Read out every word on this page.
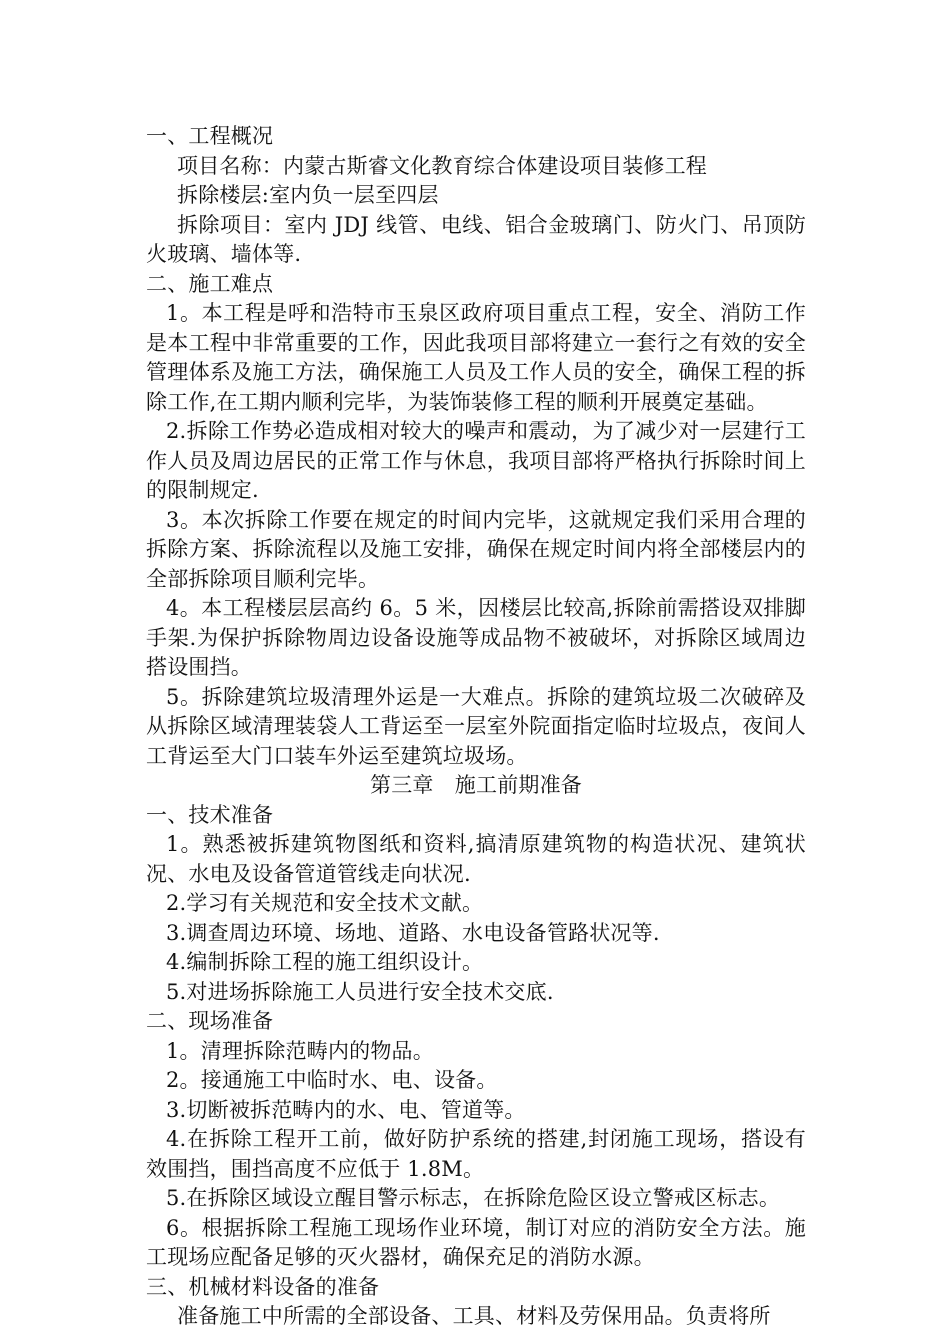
一、工程概况

项目名称：内蒙古斯睿文化教育综合体建设项目装修工程

拆除楼层:室内负一层至四层

拆除项目：室内 JDJ 线管、电线、铝合金玻璃门、防火门、吊顶防火玻璃、墙体等.

二、施工难点

1。本工程是呼和浩特市玉泉区政府项目重点工程，安全、消防工作是本工程中非常重要的工作，因此我项目部将建立一套行之有效的安全管理体系及施工方法，确保施工人员及工作人员的安全，确保工程的拆除工作,在工期内顺利完毕，为装饰装修工程的顺利开展奠定基础。

2.拆除工作势必造成相对较大的噪声和震动，为了减少对一层建行工作人员及周边居民的正常工作与休息，我项目部将严格执行拆除时间上的限制规定.

3。本次拆除工作要在规定的时间内完毕，这就规定我们采用合理的拆除方案、拆除流程以及施工安排，确保在规定时间内将全部楼层内的全部拆除项目顺利完毕。

4。本工程楼层层高约 6。5 米，因楼层比较高,拆除前需搭设双排脚手架.为保护拆除物周边设备设施等成品物不被破坏，对拆除区域周边搭设围挡。

5。拆除建筑垃圾清理外运是一大难点。拆除的建筑垃圾二次破碎及从拆除区域清理装袋人工背运至一层室外院面指定临时垃圾点，夜间人工背运至大门口装车外运至建筑垃圾场。

第三章　施工前期准备

一、技术准备

1。熟悉被拆建筑物图纸和资料,搞清原建筑物的构造状况、建筑状况、水电及设备管道管线走向状况.

2.学习有关规范和安全技术文献。

3.调查周边环境、场地、道路、水电设备管路状况等.

4.编制拆除工程的施工组织设计。

5.对进场拆除施工人员进行安全技术交底.

二、现场准备

1。清理拆除范畴内的物品。

2。接通施工中临时水、电、设备。

3.切断被拆范畴内的水、电、管道等。

4.在拆除工程开工前，做好防护系统的搭建,封闭施工现场，搭设有效围挡，围挡高度不应低于 1.8M。

5.在拆除区域设立醒目警示标志，在拆除危险区设立警戒区标志。

6。根据拆除工程施工现场作业环境，制订对应的消防安全方法。施工现场应配备足够的灭火器材，确保充足的消防水源。

三、机械材料设备的准备

准备施工中所需的全部设备、工具、材料及劳保用品。负责将所
